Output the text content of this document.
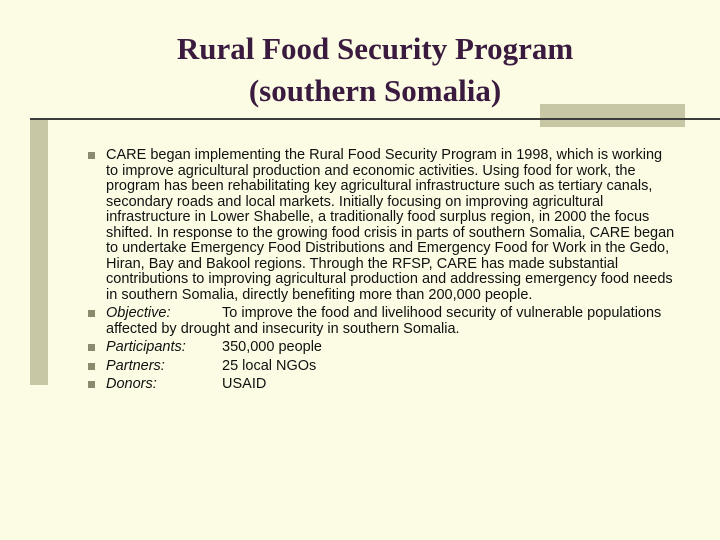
Rural Food Security Program
(southern Somalia)
CARE began implementing the Rural Food Security Program in 1998, which is working to improve agricultural production and economic activities. Using food for work, the program has been rehabilitating key agricultural infrastructure such as tertiary canals, secondary roads and local markets. Initially focusing on improving agricultural infrastructure in Lower Shabelle, a traditionally food surplus region, in 2000 the focus shifted. In response to the growing food crisis in parts of southern Somalia, CARE began to undertake Emergency Food Distributions and Emergency Food for Work in the Gedo, Hiran, Bay and Bakool regions. Through the RFSP, CARE has made substantial contributions to improving agricultural production and addressing emergency food needs in southern Somalia, directly benefiting more than 200,000 people.
Objective:	To improve the food and livelihood security of vulnerable populations affected by drought and insecurity in southern Somalia.
Participants: 350,000 people
Partners:	25 local NGOs
Donors:	USAID
